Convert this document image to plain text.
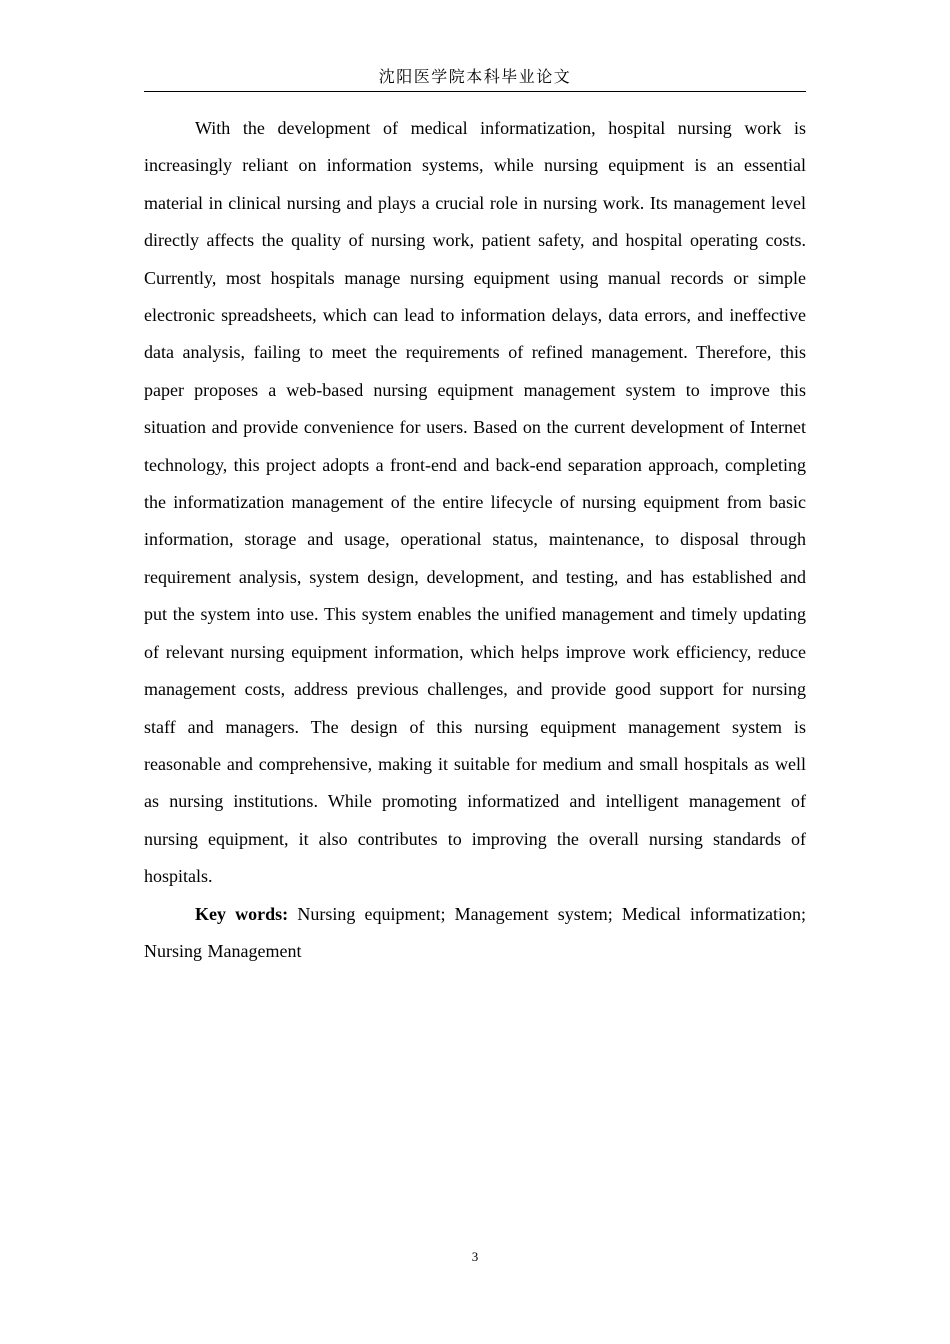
沈阳医学院本科毕业论文

With the development of medical informatization, hospital nursing work is increasingly reliant on information systems, while nursing equipment is an essential material in clinical nursing and plays a crucial role in nursing work. Its management level directly affects the quality of nursing work, patient safety, and hospital operating costs. Currently, most hospitals manage nursing equipment using manual records or simple electronic spreadsheets, which can lead to information delays, data errors, and ineffective data analysis, failing to meet the requirements of refined management. Therefore, this paper proposes a web-based nursing equipment management system to improve this situation and provide convenience for users. Based on the current development of Internet technology, this project adopts a front-end and back-end separation approach, completing the informatization management of the entire lifecycle of nursing equipment from basic information, storage and usage, operational status, maintenance, to disposal through requirement analysis, system design, development, and testing, and has established and put the system into use. This system enables the unified management and timely updating of relevant nursing equipment information, which helps improve work efficiency, reduce management costs, address previous challenges, and provide good support for nursing staff and managers. The design of this nursing equipment management system is reasonable and comprehensive, making it suitable for medium and small hospitals as well as nursing institutions. While promoting informatized and intelligent management of nursing equipment, it also contributes to improving the overall nursing standards of hospitals.

Key words: Nursing equipment; Management system; Medical informatization; Nursing Management

3
